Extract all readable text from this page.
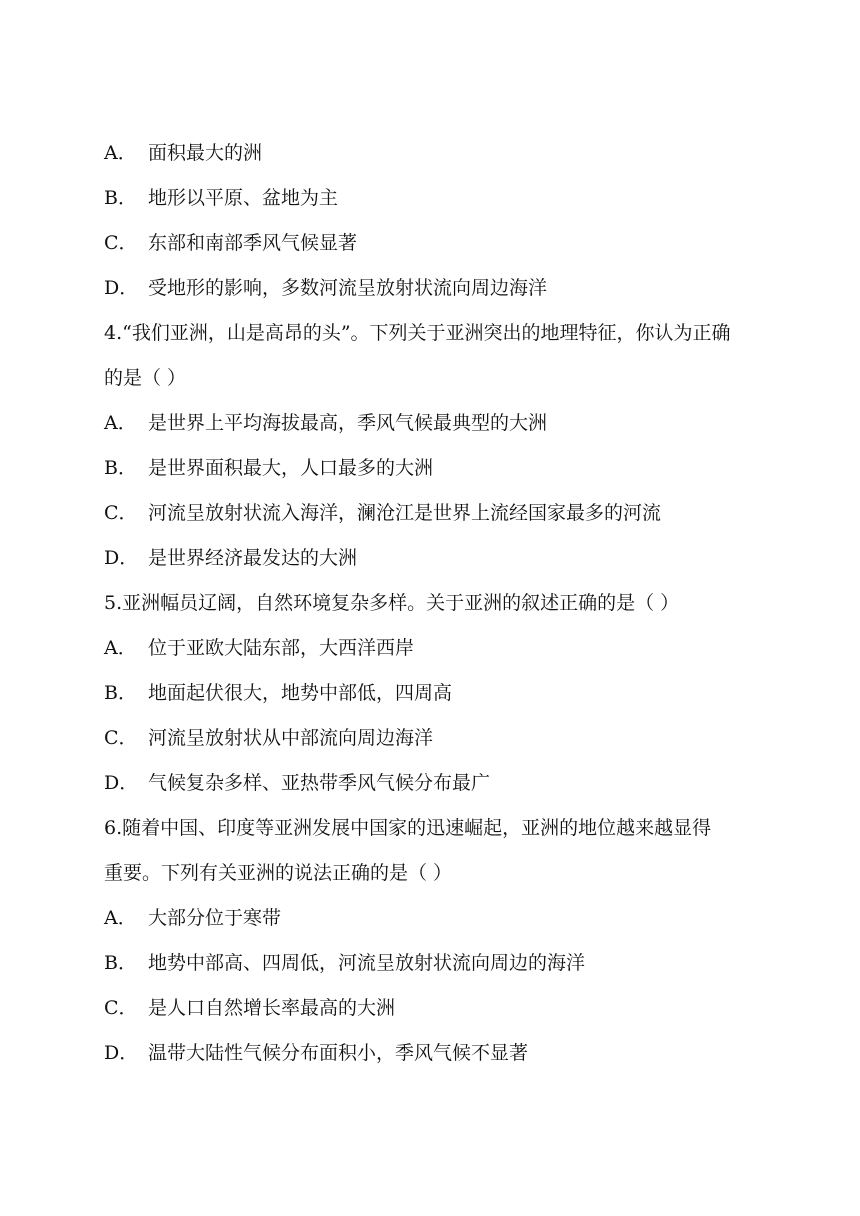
A． 面积最大的洲
B． 地形以平原、盆地为主
C． 东部和南部季风气候显著
D． 受地形的影响，多数河流呈放射状流向周边海洋
4.“我们亚洲，山是高昂的头”。下列关于亚洲突出的地理特征，你认为正确
的是（ ）
A． 是世界上平均海拔最高，季风气候最典型的大洲
B． 是世界面积最大，人口最多的大洲
C． 河流呈放射状流入海洋，澜沧江是世界上流经国家最多的河流
D． 是世界经济最发达的大洲
5.亚洲幅员辽阔，自然环境复杂多样。关于亚洲的叙述正确的是（ ）
A． 位于亚欧大陆东部，大西洋西岸
B． 地面起伏很大，地势中部低，四周高
C． 河流呈放射状从中部流向周边海洋
D． 气候复杂多样、亚热带季风气候分布最广
6.随着中国、印度等亚洲发展中国家的迅速崛起，亚洲的地位越来越显得
重要。下列有关亚洲的说法正确的是（ ）
A． 大部分位于寒带
B． 地势中部高、四周低，河流呈放射状流向周边的海洋
C． 是人口自然增长率最高的大洲
D． 温带大陆性气候分布面积小，季风气候不显著
